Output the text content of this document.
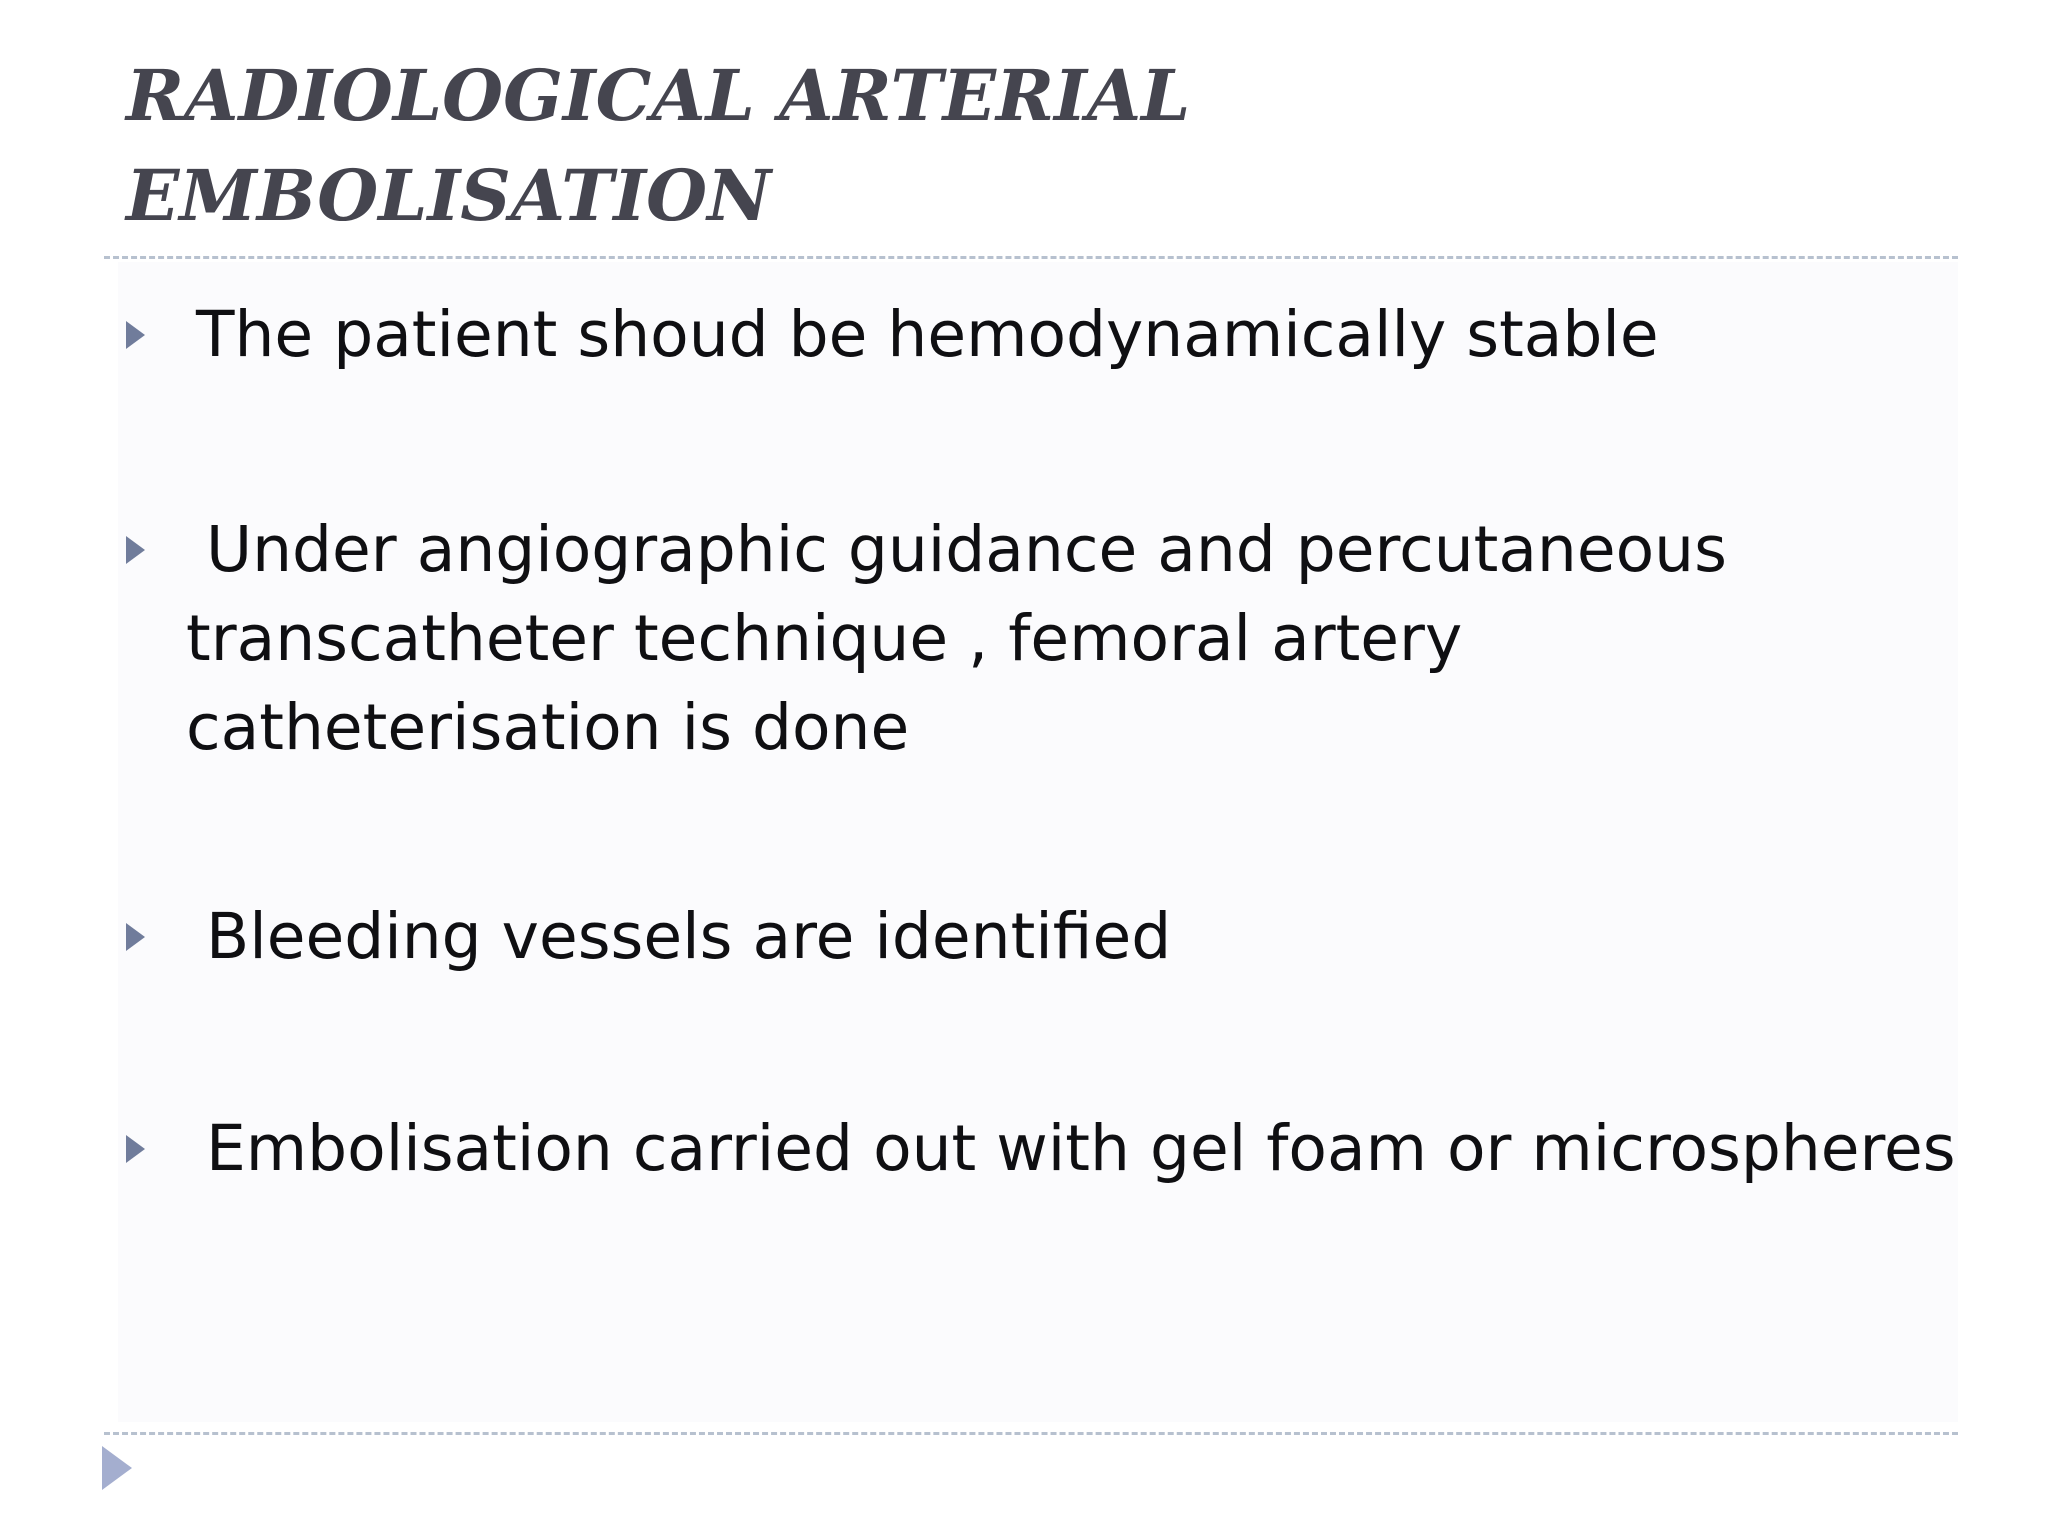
RADIOLOGICAL ARTERIAL EMBOLISATION
The patient shoud be hemodynamically stable
Under angiographic guidance and percutaneous transcatheter technique , femoral artery catheterisation is done
Bleeding vessels are identified
Embolisation carried out with gel foam or microspheres
